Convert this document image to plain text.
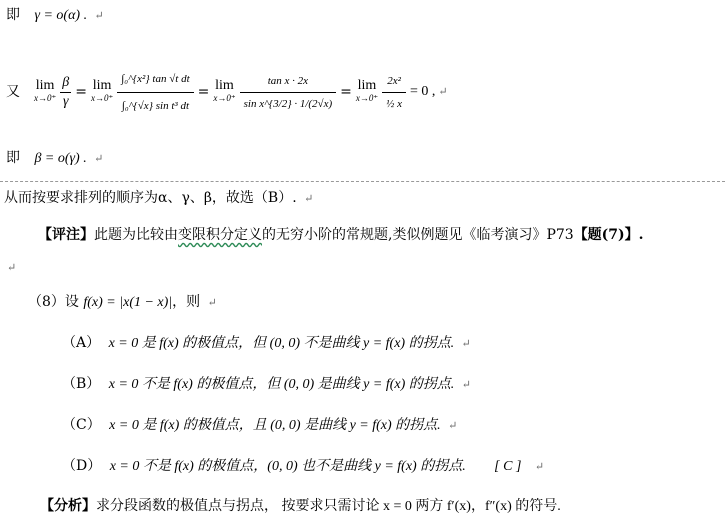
即 γ = o(α) . ↵
又 lim
$x\to 0^+ \frac{\beta}{\gamma} = \lim$
$x\to 0^+ \frac{\text{∫₀\textasciicircum{}\{x²\} tan √t dt}}{\text{∫₀\textasciicircum{}\{√x\} sin t³ dt}} = \lim$
$x\to 0^+ \frac{\text{tan x · 2x}}{\text{sin x\textasciicircum{}\{3/2\} · 1/(2√x)}} = \lim$
$x\to 0^+ \frac{\text{2x²}}{\text{½ x}} = 0$ , ↵
即 β = o(γ) . ↵
从而按要求排列的顺序为α、γ、β，故选（B）. ↵
【评注】此题为比较由变限积分定义的无穷小阶的常规题,类似例题见《临考演习》P73【题(7)】.
↵
（8）设 f(x) = |x(1 − x)|，则 ↵
（A） x = 0 是 f(x) 的极值点，但 (0, 0) 不是曲线 y = f(x) 的拐点. ↵
（B） x = 0 不是 f(x) 的极值点，但 (0, 0) 是曲线 y = f(x) 的拐点. ↵
（C） x = 0 是 f(x) 的极值点，且 (0, 0) 是曲线 y = f(x) 的拐点. ↵
（D） x = 0 不是 f(x) 的极值点，(0, 0) 也不是曲线 y = f(x) 的拐点. [ C ] ↵
【分析】求分段函数的极值点与拐点， 按要求只需讨论 x = 0 两方 f′(x)，f″(x) 的符号.
